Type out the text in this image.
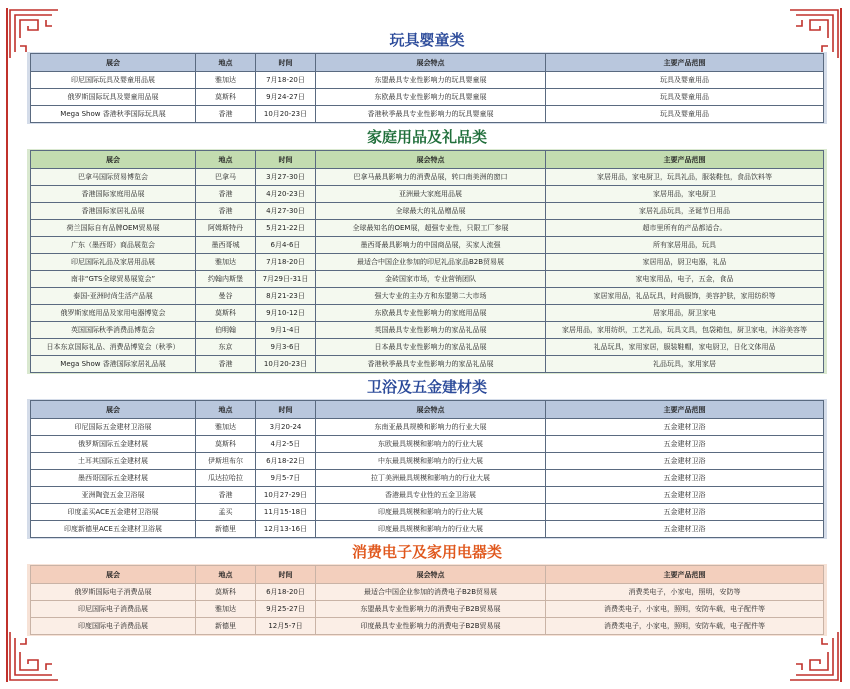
玩具婴童类
展会	地点	时间	展会特点	主要产品范围
印尼国际玩具及婴童用品展	雅加达	7月18-20日	东盟最具专业性影响力的玩具婴童展	玩具及婴童用品
俄罗斯国际玩具及婴童用品展	莫斯科	9月24-27日	东欧最具专业性影响力的玩具婴童展	玩具及婴童用品
Mega Show 香港秋季国际玩具展	香港	10月20-23日	香港秋季最具专业性影响力的玩具婴童展	玩具及婴童用品
家庭用品及礼品类
展会	地点	时间	展会特点	主要产品范围
巴拿马国际贸易博览会	巴拿马	3月27-30日	巴拿马最具影响力的消费品展，转口南美洲的窗口	家居用品，家电厨卫，玩具礼品，服装鞋包，食品饮料等
香港国际家庭用品展	香港	4月20-23日	亚洲最大家庭用品展	家居用品，家电厨卫
香港国际家居礼品展	香港	4月27-30日	全球最大的礼品赠品展	家居礼品玩具，圣诞节日用品
荷兰国际自有品牌OEM贸易展	阿姆斯特丹	5月21-22日	全球最知名的OEM展，超强专业性，只限工厂参展	超市里所有的产品都适合。
广东（墨西哥）商品展览会	墨西哥城	6月4-6日	墨西哥最具影响力的中国商品展，买家人流强	所有家居用品，玩具
印尼国际礼品及家居用品展	雅加达	7月18-20日	最适合中国企业参加的印尼礼品家品B2B贸易展	家居用品，厨卫电器，礼品
南非“GTS全球贸易展览会”	约翰内斯堡	7月29日-31日	金砖国家市场，专业营销团队	家电家用品，电子，五金，食品
泰国-亚洲时尚生活产品展	曼谷	8月21-23日	强大专业的主办方和东盟第二大市场	家居家用品，礼品玩具，时尚服饰，美容护肤，家用纺织等
俄罗斯家庭用品及家用电器博览会	莫斯科	9月10-12日	东欧最具专业性影响力的家庭用品展	居家用品，厨卫家电
英国国际秋季消费品博览会	伯明翰	9月1-4日	英国最具专业性影响力的家品礼品展	家居用品，家用纺织，工艺礼品，玩具文具，包袋箱包，厨卫家电，沐浴美容等
日本东京国际礼品、消费品博览会（秋季）	东京	9月3-6日	日本最具专业性影响力的家品礼品展	礼品玩具，家用家居，服装鞋帽，家电厨卫，日化文体用品
Mega Show 香港国际家居礼品展	香港	10月20-23日	香港秋季最具专业性影响力的家品礼品展	礼品玩具，家用家居
卫浴及五金建材类
展会	地点	时间	展会特点	主要产品范围
印尼国际五金建材卫浴展	雅加达	3月20-24	东南亚最具规模和影响力的行业大展	五金建材卫浴
俄罗斯国际五金建材展	莫斯科	4月2-5日	东欧最具规模和影响力的行业大展	五金建材卫浴
土耳其国际五金建材展	伊斯坦布尔	6月18-22日	中东最具规模和影响力的行业大展	五金建材卫浴
墨西哥国际五金建材展	瓜达拉哈拉	9月5-7日	拉丁美洲最具规模和影响力的行业大展	五金建材卫浴
亚洲陶瓷五金卫浴展	香港	10月27-29日	香港最具专业性的五金卫浴展	五金建材卫浴
印度孟买ACE五金建材卫浴展	孟买	11月15-18日	印度最具规模和影响力的行业大展	五金建材卫浴
印度新德里ACE五金建材卫浴展	新德里	12月13-16日	印度最具规模和影响力的行业大展	五金建材卫浴
消费电子及家用电器类
展会	地点	时间	展会特点	主要产品范围
俄罗斯国际电子消费品展	莫斯科	6月18-20日	最适合中国企业参加的消费电子B2B贸易展	消费类电子，小家电，照明，安防等
印尼国际电子消费品展	雅加达	9月25-27日	东盟最具专业性影响力的消费电子B2B贸易展	消费类电子，小家电，照明，安防车载，电子配件等
印度国际电子消费品展	新德里	12月5-7日	印度最具专业性影响力的消费电子B2B贸易展	消费类电子，小家电，照明，安防车载，电子配件等
